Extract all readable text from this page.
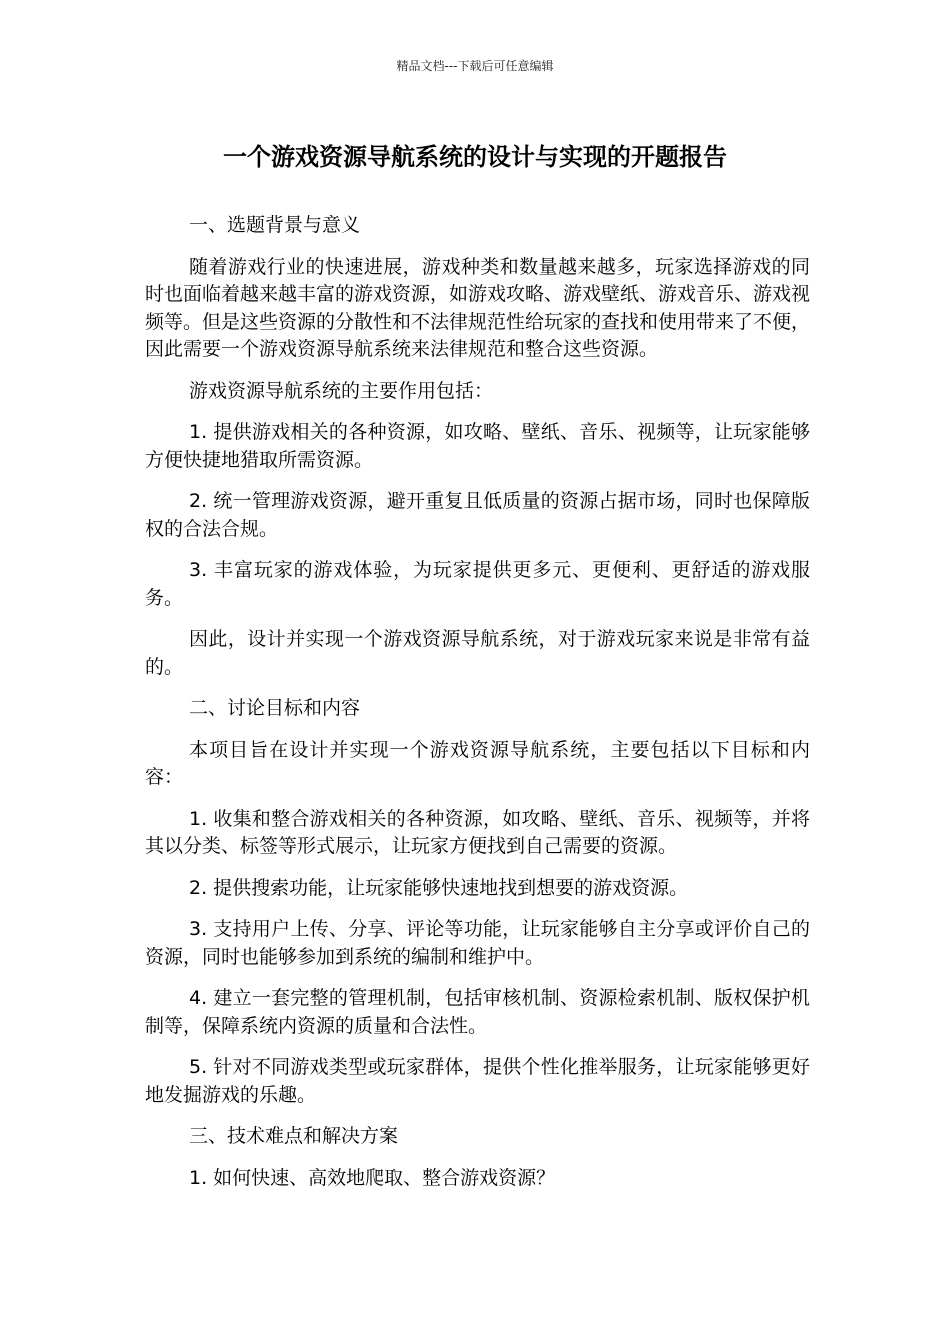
精品文档---下载后可任意编辑
一个游戏资源导航系统的设计与实现的开题报告

一、选题背景与意义

随着游戏行业的快速进展，游戏种类和数量越来越多，玩家选择游戏的同时也面临着越来越丰富的游戏资源，如游戏攻略、游戏壁纸、游戏音乐、游戏视频等。但是这些资源的分散性和不法律规范性给玩家的查找和使用带来了不便，因此需要一个游戏资源导航系统来法律规范和整合这些资源。

游戏资源导航系统的主要作用包括：

1. 提供游戏相关的各种资源，如攻略、壁纸、音乐、视频等，让玩家能够方便快捷地猎取所需资源。

2. 统一管理游戏资源，避开重复且低质量的资源占据市场，同时也保障版权的合法合规。

3. 丰富玩家的游戏体验，为玩家提供更多元、更便利、更舒适的游戏服务。

因此，设计并实现一个游戏资源导航系统，对于游戏玩家来说是非常有益的。

二、讨论目标和内容

本项目旨在设计并实现一个游戏资源导航系统，主要包括以下目标和内容：

1. 收集和整合游戏相关的各种资源，如攻略、壁纸、音乐、视频等，并将其以分类、标签等形式展示，让玩家方便找到自己需要的资源。

2. 提供搜索功能，让玩家能够快速地找到想要的游戏资源。

3. 支持用户上传、分享、评论等功能，让玩家能够自主分享或评价自己的资源，同时也能够参加到系统的编制和维护中。

4. 建立一套完整的管理机制，包括审核机制、资源检索机制、版权保护机制等，保障系统内资源的质量和合法性。

5. 针对不同游戏类型或玩家群体，提供个性化推举服务，让玩家能够更好地发掘游戏的乐趣。

三、技术难点和解决方案

1. 如何快速、高效地爬取、整合游戏资源？
